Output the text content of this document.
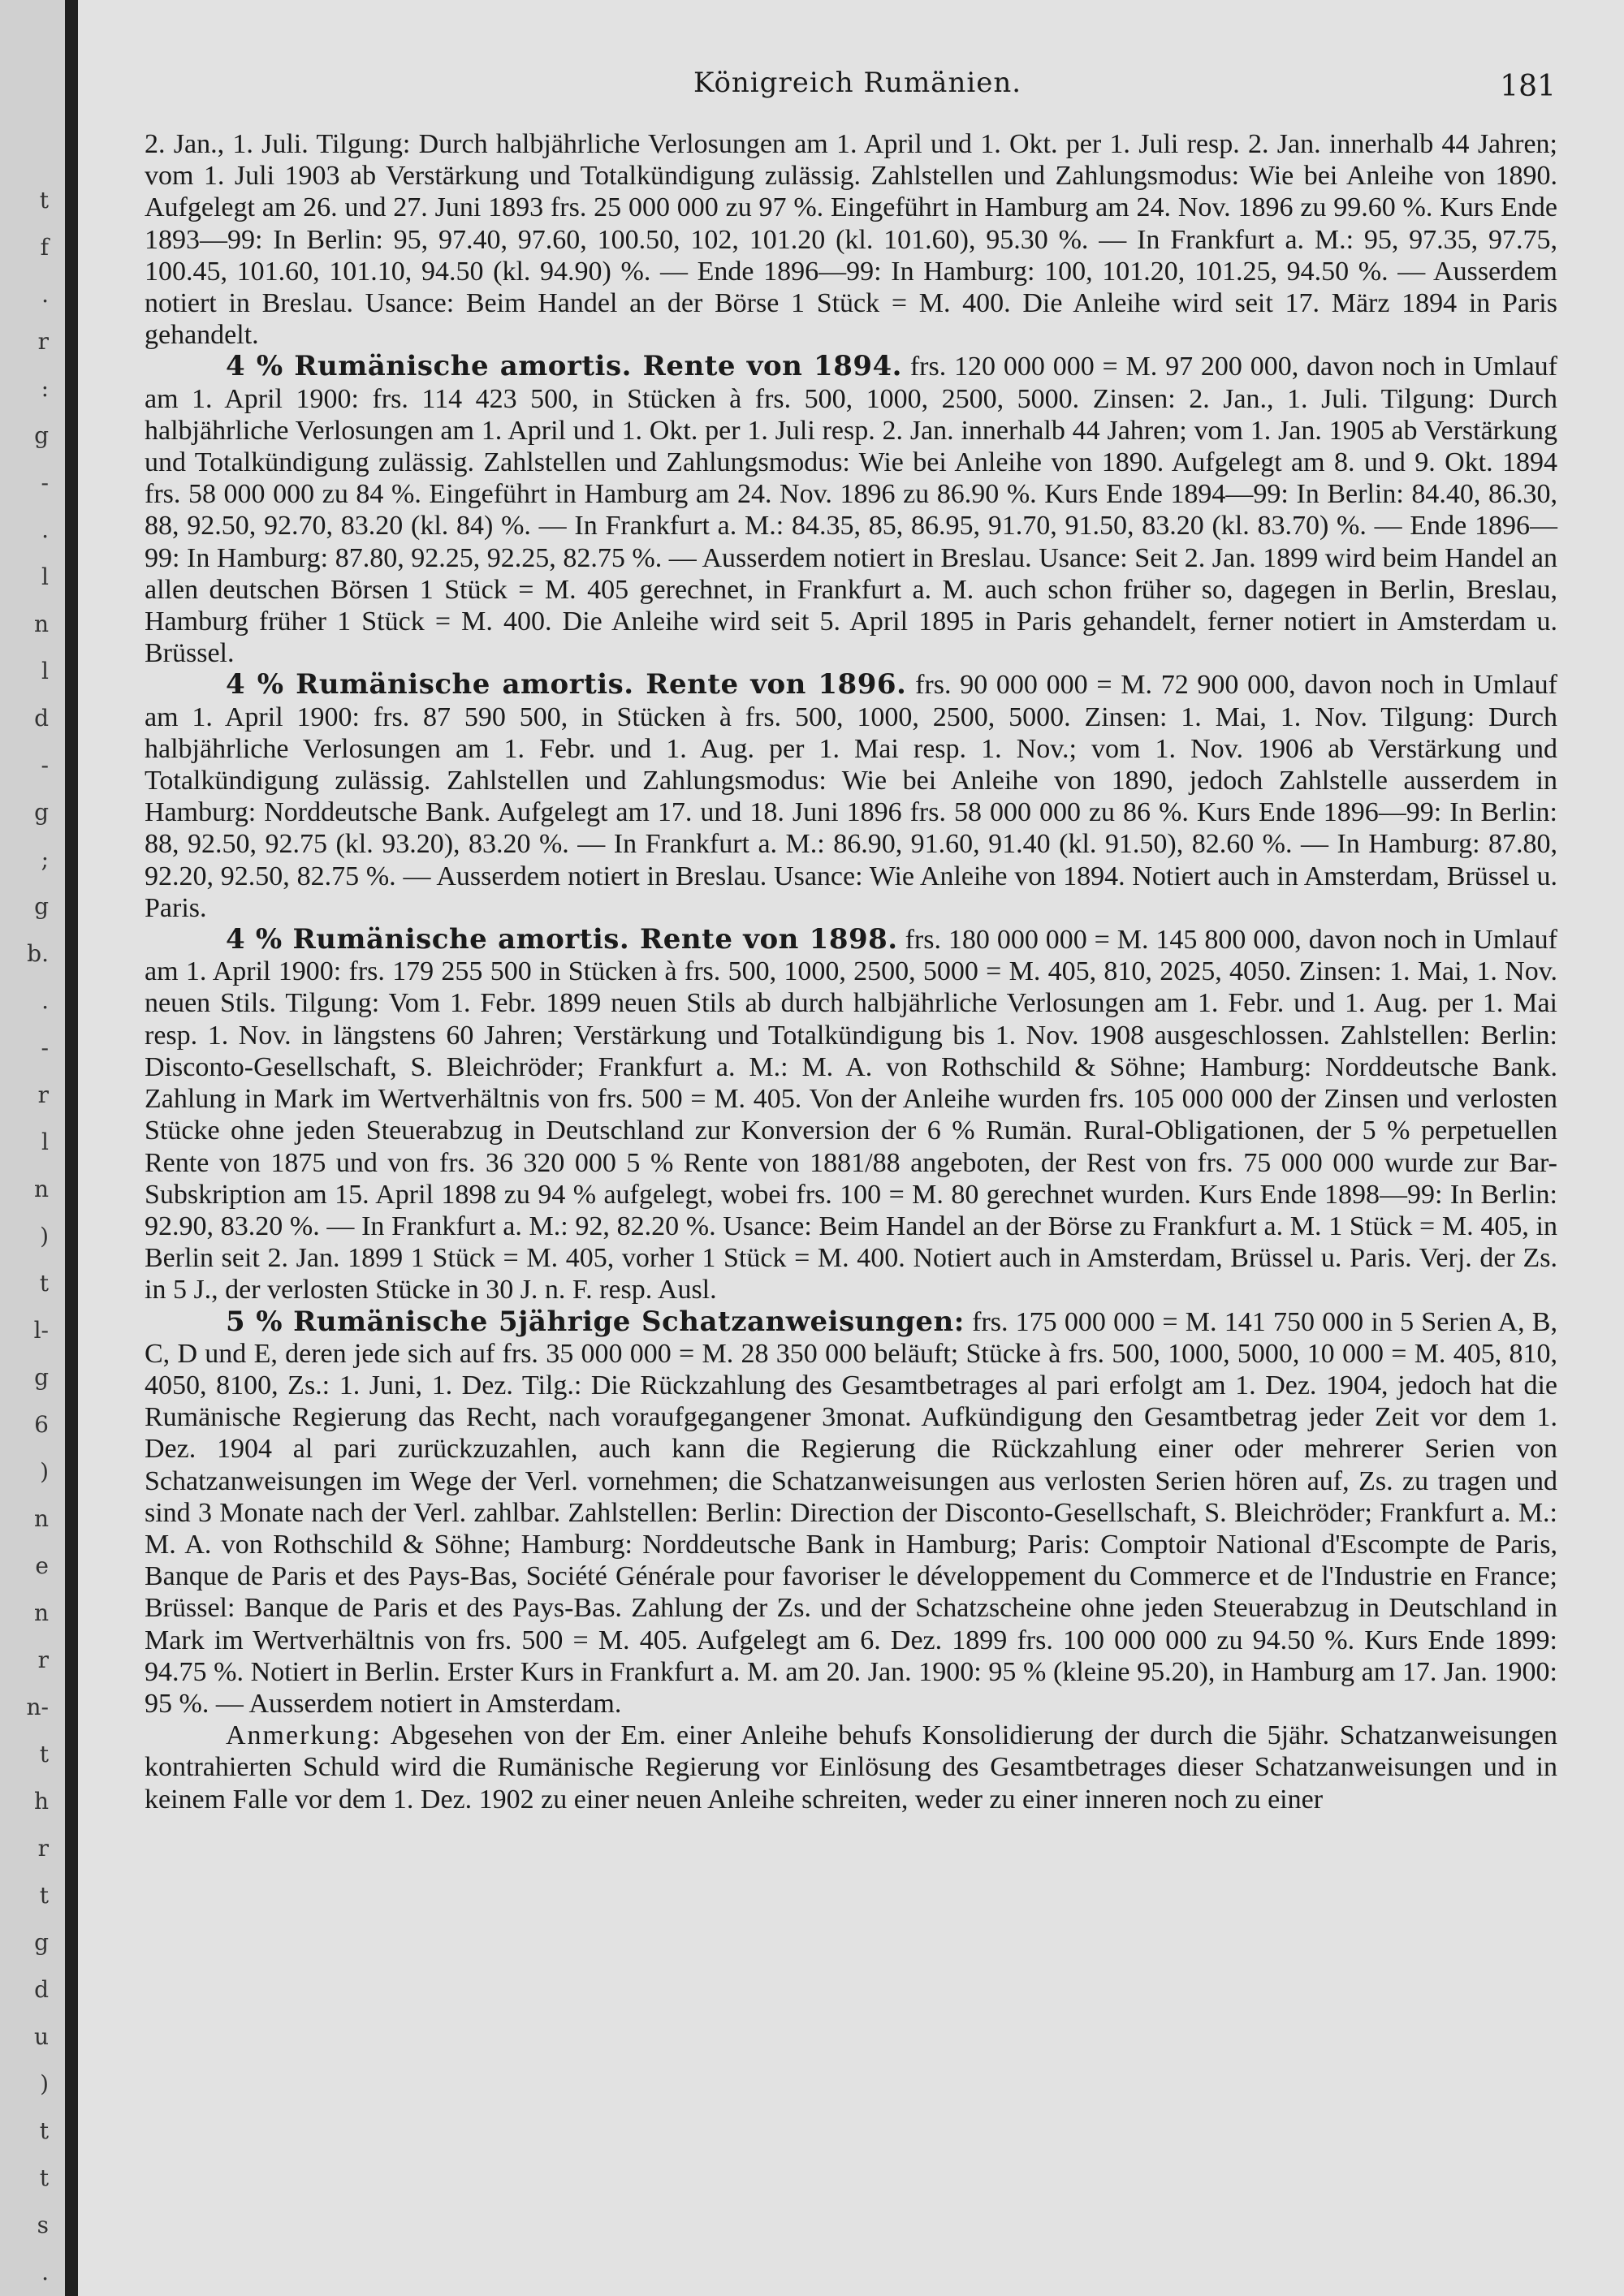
t
f
.
r
:
g
-
.
l
n
l
d
-
g
;
g
b.
.
-
r
l
n
)
t
l-
g
6
)
n
e
n
r
n-
t
h
r
t
g
d
u
)
t
t
s
.
Königreich Rumänien.	181

2. Jan., 1. Juli. Tilgung: Durch halbjährliche Verlosungen am 1. April und 1. Okt. per 1. Juli resp. 2. Jan. innerhalb 44 Jahren; vom 1. Juli 1903 ab Verstärkung und Totalkündigung zulässig. Zahlstellen und Zahlungsmodus: Wie bei Anleihe von 1890. Aufgelegt am 26. und 27. Juni 1893 frs. 25 000 000 zu 97 %. Eingeführt in Hamburg am 24. Nov. 1896 zu 99.60 %. Kurs Ende 1893—99: In Berlin: 95, 97.40, 97.60, 100.50, 102, 101.20 (kl. 101.60), 95.30 %. — In Frankfurt a. M.: 95, 97.35, 97.75, 100.45, 101.60, 101.10, 94.50 (kl. 94.90) %. — Ende 1896—99: In Hamburg: 100, 101.20, 101.25, 94.50 %. — Ausserdem notiert in Breslau. Usance: Beim Handel an der Börse 1 Stück = M. 400. Die Anleihe wird seit 17. März 1894 in Paris gehandelt.

4 % Rumänische amortis. Rente von 1894. frs. 120 000 000 = M. 97 200 000, davon noch in Umlauf am 1. April 1900: frs. 114 423 500, in Stücken à frs. 500, 1000, 2500, 5000. Zinsen: 2. Jan., 1. Juli. Tilgung: Durch halbjährliche Verlosungen am 1. April und 1. Okt. per 1. Juli resp. 2. Jan. innerhalb 44 Jahren; vom 1. Jan. 1905 ab Verstärkung und Totalkündigung zulässig. Zahlstellen und Zahlungsmodus: Wie bei Anleihe von 1890. Aufgelegt am 8. und 9. Okt. 1894 frs. 58 000 000 zu 84 %. Eingeführt in Hamburg am 24. Nov. 1896 zu 86.90 %. Kurs Ende 1894—99: In Berlin: 84.40, 86.30, 88, 92.50, 92.70, 83.20 (kl. 84) %. — In Frankfurt a. M.: 84.35, 85, 86.95, 91.70, 91.50, 83.20 (kl. 83.70) %. — Ende 1896—99: In Hamburg: 87.80, 92.25, 92.25, 82.75 %. — Ausserdem notiert in Breslau. Usance: Seit 2. Jan. 1899 wird beim Handel an allen deutschen Börsen 1 Stück = M. 405 gerechnet, in Frankfurt a. M. auch schon früher so, dagegen in Berlin, Breslau, Hamburg früher 1 Stück = M. 400. Die Anleihe wird seit 5. April 1895 in Paris gehandelt, ferner notiert in Amsterdam u. Brüssel.

4 % Rumänische amortis. Rente von 1896. frs. 90 000 000 = M. 72 900 000, davon noch in Umlauf am 1. April 1900: frs. 87 590 500, in Stücken à frs. 500, 1000, 2500, 5000. Zinsen: 1. Mai, 1. Nov. Tilgung: Durch halbjährliche Verlosungen am 1. Febr. und 1. Aug. per 1. Mai resp. 1. Nov.; vom 1. Nov. 1906 ab Verstärkung und Totalkündigung zulässig. Zahlstellen und Zahlungsmodus: Wie bei Anleihe von 1890, jedoch Zahlstelle ausserdem in Hamburg: Norddeutsche Bank. Aufgelegt am 17. und 18. Juni 1896 frs. 58 000 000 zu 86 %. Kurs Ende 1896—99: In Berlin: 88, 92.50, 92.75 (kl. 93.20), 83.20 %. — In Frankfurt a. M.: 86.90, 91.60, 91.40 (kl. 91.50), 82.60 %. — In Hamburg: 87.80, 92.20, 92.50, 82.75 %. — Ausserdem notiert in Breslau. Usance: Wie Anleihe von 1894. Notiert auch in Amsterdam, Brüssel u. Paris.

4 % Rumänische amortis. Rente von 1898. frs. 180 000 000 = M. 145 800 000, davon noch in Umlauf am 1. April 1900: frs. 179 255 500 in Stücken à frs. 500, 1000, 2500, 5000 = M. 405, 810, 2025, 4050. Zinsen: 1. Mai, 1. Nov. neuen Stils. Tilgung: Vom 1. Febr. 1899 neuen Stils ab durch halbjährliche Verlosungen am 1. Febr. und 1. Aug. per 1. Mai resp. 1. Nov. in längstens 60 Jahren; Verstärkung und Totalkündigung bis 1. Nov. 1908 ausgeschlossen. Zahlstellen: Berlin: Disconto-Gesellschaft, S. Bleichröder; Frankfurt a. M.: M. A. von Rothschild & Söhne; Hamburg: Norddeutsche Bank. Zahlung in Mark im Wertverhältnis von frs. 500 = M. 405. Von der Anleihe wurden frs. 105 000 000 der Zinsen und verlosten Stücke ohne jeden Steuerabzug in Deutschland zur Konversion der 6 % Rumän. Rural-Obligationen, der 5 % perpetuellen Rente von 1875 und von frs. 36 320 000 5 % Rente von 1881/88 angeboten, der Rest von frs. 75 000 000 wurde zur Bar-Subskription am 15. April 1898 zu 94 % aufgelegt, wobei frs. 100 = M. 80 gerechnet wurden. Kurs Ende 1898—99: In Berlin: 92.90, 83.20 %. — In Frankfurt a. M.: 92, 82.20 %. Usance: Beim Handel an der Börse zu Frankfurt a. M. 1 Stück = M. 405, in Berlin seit 2. Jan. 1899 1 Stück = M. 405, vorher 1 Stück = M. 400. Notiert auch in Amsterdam, Brüssel u. Paris. Verj. der Zs. in 5 J., der verlosten Stücke in 30 J. n. F. resp. Ausl.

5 % Rumänische 5jährige Schatzanweisungen: frs. 175 000 000 = M. 141 750 000 in 5 Serien A, B, C, D und E, deren jede sich auf frs. 35 000 000 = M. 28 350 000 beläuft; Stücke à frs. 500, 1000, 5000, 10 000 = M. 405, 810, 4050, 8100, Zs.: 1. Juni, 1. Dez. Tilg.: Die Rückzahlung des Gesamtbetrages al pari erfolgt am 1. Dez. 1904, jedoch hat die Rumänische Regierung das Recht, nach voraufgegangener 3monat. Aufkündigung den Gesamtbetrag jeder Zeit vor dem 1. Dez. 1904 al pari zurückzuzahlen, auch kann die Regierung die Rückzahlung einer oder mehrerer Serien von Schatzanweisungen im Wege der Verl. vornehmen; die Schatzanweisungen aus verlosten Serien hören auf, Zs. zu tragen und sind 3 Monate nach der Verl. zahlbar. Zahlstellen: Berlin: Direction der Disconto-Gesellschaft, S. Bleichröder; Frankfurt a. M.: M. A. von Rothschild & Söhne; Hamburg: Norddeutsche Bank in Hamburg; Paris: Comptoir National d'Escompte de Paris, Banque de Paris et des Pays-Bas, Société Générale pour favoriser le développement du Commerce et de l'Industrie en France; Brüssel: Banque de Paris et des Pays-Bas. Zahlung der Zs. und der Schatzscheine ohne jeden Steuerabzug in Deutschland in Mark im Wertverhältnis von frs. 500 = M. 405. Aufgelegt am 6. Dez. 1899 frs. 100 000 000 zu 94.50 %. Kurs Ende 1899: 94.75 %. Notiert in Berlin. Erster Kurs in Frankfurt a. M. am 20. Jan. 1900: 95 % (kleine 95.20), in Hamburg am 17. Jan. 1900: 95 %. — Ausserdem notiert in Amsterdam.

Anmerkung: Abgesehen von der Em. einer Anleihe behufs Konsolidierung der durch die 5jähr. Schatzanweisungen kontrahierten Schuld wird die Rumänische Regierung vor Einlösung des Gesamtbetrages dieser Schatzanweisungen und in keinem Falle vor dem 1. Dez. 1902 zu einer neuen Anleihe schreiten, weder zu einer inneren noch zu einer
